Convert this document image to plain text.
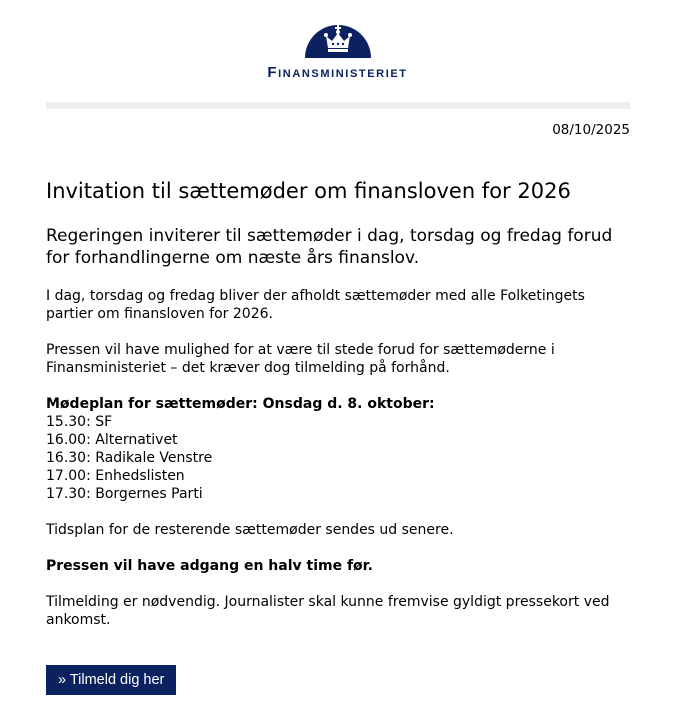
Finansministeriet
08/10/2025
Invitation til sættemøder om finansloven for 2026

Regeringen inviterer til sættemøder i dag, torsdag og fredag forud for forhandlingerne om næste års finanslov.

I dag, torsdag og fredag bliver der afholdt sættemøder med alle Folketingets partier om finansloven for 2026.

Pressen vil have mulighed for at være til stede forud for sættemøderne i Finansministeriet – det kræver dog tilmelding på forhånd.

Mødeplan for sættemøder: Onsdag d. 8. oktober:

15.30: SF

16.00: Alternativet

16.30: Radikale Venstre

17.00: Enhedslisten

17.30: Borgernes Parti

Tidsplan for de resterende sættemøder sendes ud senere.

Pressen vil have adgang en halv time før.

Tilmelding er nødvendig. Journalister skal kunne fremvise gyldigt pressekort ved ankomst.

» Tilmeld dig her
